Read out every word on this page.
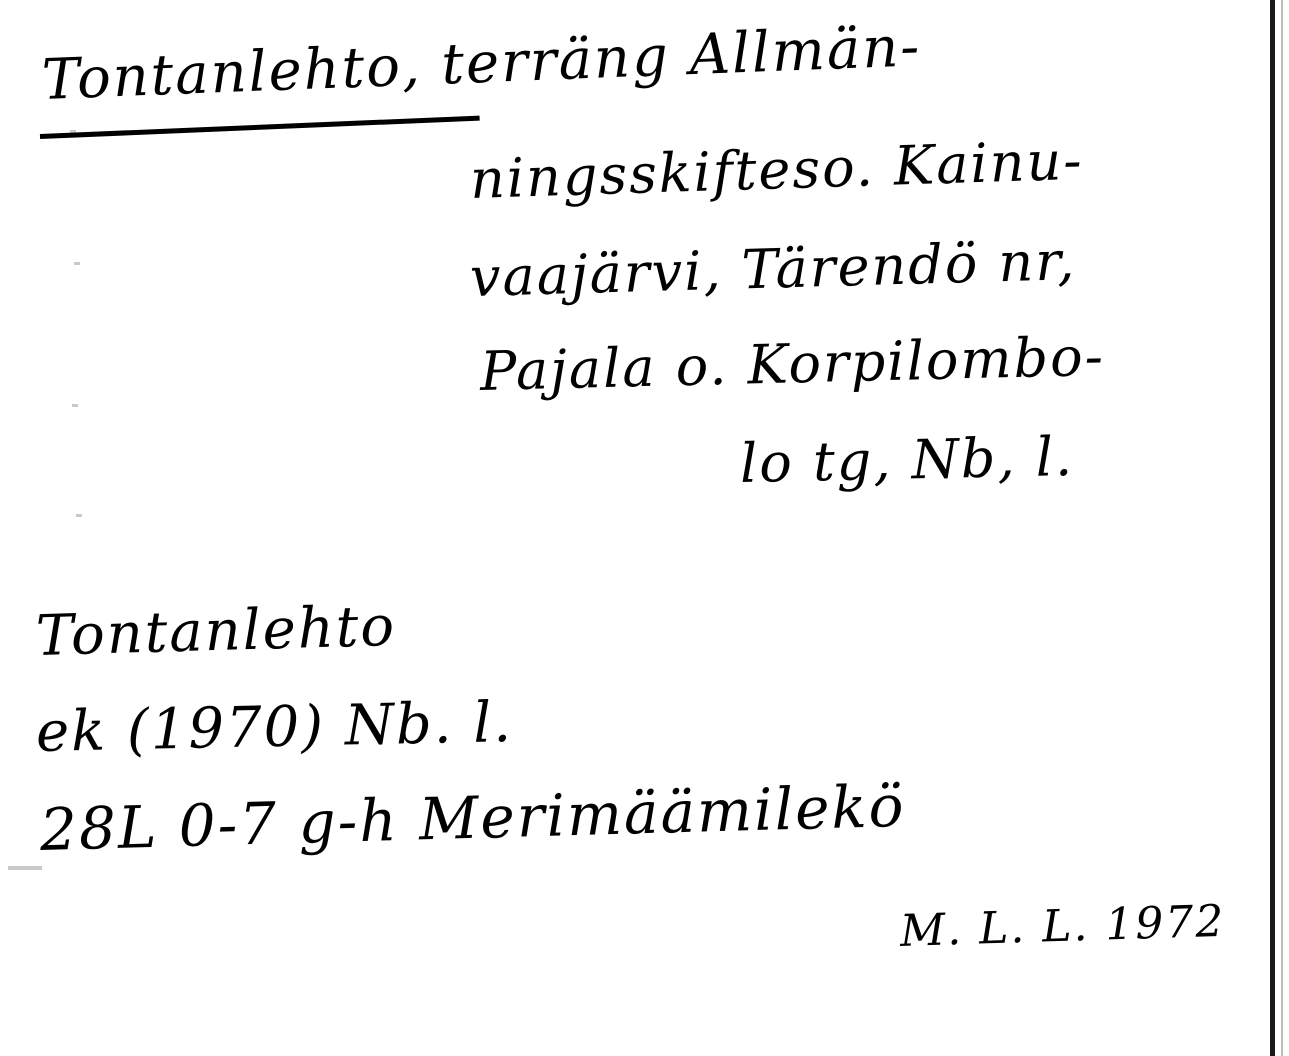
Tontanlehto, terräng Allmän-
ningsskifteso. Kainu-
vaajärvi, Tärendö nr,
Pajala o. Korpilombo-
lo tg, Nb, l.
Tontanlehto
ek (1970) Nb. l.
28L 0-7 g-h Merimäämilekö
M. L. L. 1972
